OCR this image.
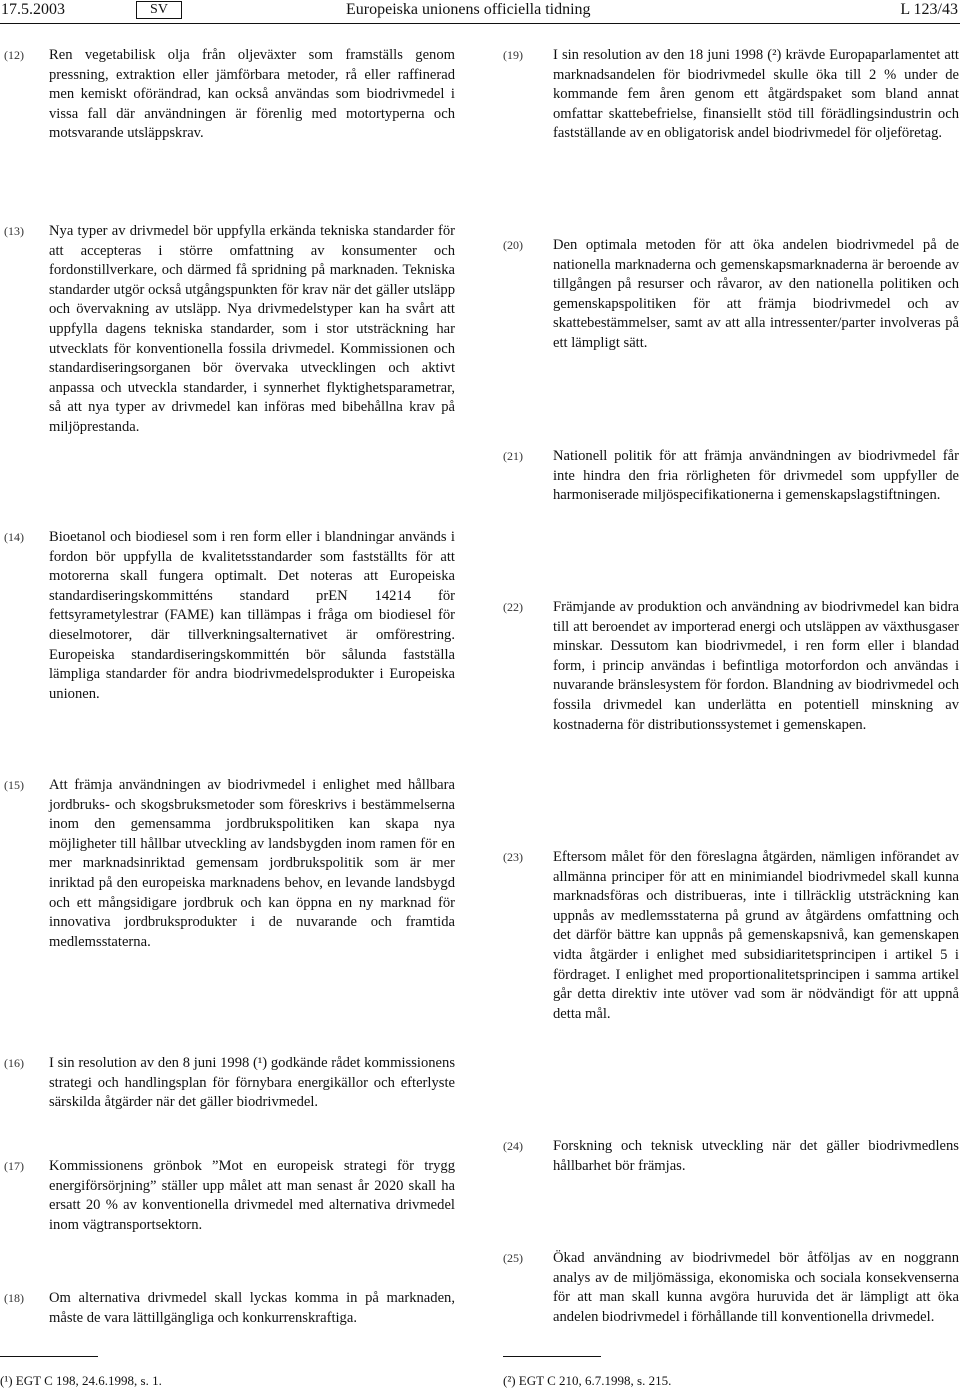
17.5.2003	SV	Europeiska unionens officiella tidning	L 123/43
(12) Ren vegetabilisk olja från oljeväxter som framställs genom pressning, extraktion eller jämförbara metoder, rå eller raffinerad men kemiskt oförändrad, kan också användas som biodrivmedel i vissa fall där användningen är förenlig med motortyperna och motsvarande utsläppskrav.
(13) Nya typer av drivmedel bör uppfylla erkända tekniska standarder för att accepteras i större omfattning av konsumenter och fordonstillverkare, och därmed få spridning på marknaden. Tekniska standarder utgör också utgångspunkten för krav när det gäller utsläpp och övervakning av utsläpp. Nya drivmedelstyper kan ha svårt att uppfylla dagens tekniska standarder, som i stor utsträckning har utvecklats för konventionella fossila drivmedel. Kommissionen och standardiseringsorganen bör övervaka utvecklingen och aktivt anpassa och utveckla standarder, i synnerhet flyktighetsparametrar, så att nya typer av drivmedel kan införas med bibehållna krav på miljöprestanda.
(14) Bioetanol och biodiesel som i ren form eller i blandningar används i fordon bör uppfylla de kvalitetsstandarder som fastställts för att motorerna skall fungera optimalt. Det noteras att Europeiska standardiseringskommitténs standard prEN 14214 för fettsyrametylestrar (FAME) kan tillämpas i fråga om biodiesel för dieselmotorer, där tillverkningsalternativet är omförestring. Europeiska standardiseringskommittén bör sålunda fastställa lämpliga standarder för andra biodrivmedelsprodukter i Europeiska unionen.
(15) Att främja användningen av biodrivmedel i enlighet med hållbara jordbruks- och skogsbruksmetoder som föreskrivs i bestämmelserna inom den gemensamma jordbrukspolitiken kan skapa nya möjligheter till hållbar utveckling av landsbygden inom ramen för en mer marknadsinriktad gemensam jordbrukspolitik som är mer inriktad på den europeiska marknadens behov, en levande landsbygd och ett mångsidigare jordbruk och kan öppna en ny marknad för innovativa jordbruksprodukter i de nuvarande och framtida medlemsstaterna.
(16) I sin resolution av den 8 juni 1998 (¹) godkände rådet kommissionens strategi och handlingsplan för förnybara energikällor och efterlyste särskilda åtgärder när det gäller biodrivmedel.
(17) Kommissionens grönbok ”Mot en europeisk strategi för trygg energiförsörjning” ställer upp målet att man senast år 2020 skall ha ersatt 20 % av konventionella drivmedel med alternativa drivmedel inom vägtransportsektorn.
(18) Om alternativa drivmedel skall lyckas komma in på marknaden, måste de vara lättillgängliga och konkurrenskraftiga.
(19) I sin resolution av den 18 juni 1998 (²) krävde Europaparlamentet att marknadsandelen för biodrivmedel skulle öka till 2 % under de kommande fem åren genom ett åtgärdspaket som bland annat omfattar skattebefrielse, finansiellt stöd till förädlingsindustrin och fastställande av en obligatorisk andel biodrivmedel för oljeföretag.
(20) Den optimala metoden för att öka andelen biodrivmedel på de nationella marknaderna och gemenskapsmarknaderna är beroende av tillgången på resurser och råvaror, av den nationella politiken och gemenskapspolitiken för att främja biodrivmedel och av skattebestämmelser, samt av att alla intressenter/parter involveras på ett lämpligt sätt.
(21) Nationell politik för att främja användningen av biodrivmedel får inte hindra den fria rörligheten för drivmedel som uppfyller de harmoniserade miljöspecifikationerna i gemenskapslagstiftningen.
(22) Främjande av produktion och användning av biodrivmedel kan bidra till att beroendet av importerad energi och utsläppen av växthusgaser minskar. Dessutom kan biodrivmedel, i ren form eller i blandad form, i princip användas i befintliga motorfordon och användas i nuvarande bränslesystem för fordon. Blandning av biodrivmedel och fossila drivmedel kan underlätta en potentiell minskning av kostnaderna för distributionssystemet i gemenskapen.
(23) Eftersom målet för den föreslagna åtgärden, nämligen införandet av allmänna principer för att en minimiandel biodrivmedel skall kunna marknadsföras och distribueras, inte i tillräcklig utsträckning kan uppnås av medlemsstaterna på grund av åtgärdens omfattning och det därför bättre kan uppnås på gemenskapsnivå, kan gemenskapen vidta åtgärder i enlighet med subsidiaritetsprincipen i artikel 5 i fördraget. I enlighet med proportionalitetsprincipen i samma artikel går detta direktiv inte utöver vad som är nödvändigt för att uppnå detta mål.
(24) Forskning och teknisk utveckling när det gäller biodrivmedlens hållbarhet bör främjas.
(25) Ökad användning av biodrivmedel bör åtföljas av en noggrann analys av de miljömässiga, ekonomiska och sociala konsekvenserna för att man skall kunna avgöra huruvida det är lämpligt att öka andelen biodrivmedel i förhållande till konventionella drivmedel.
(¹) EGT C 198, 24.6.1998, s. 1.	(²) EGT C 210, 6.7.1998, s. 215.
